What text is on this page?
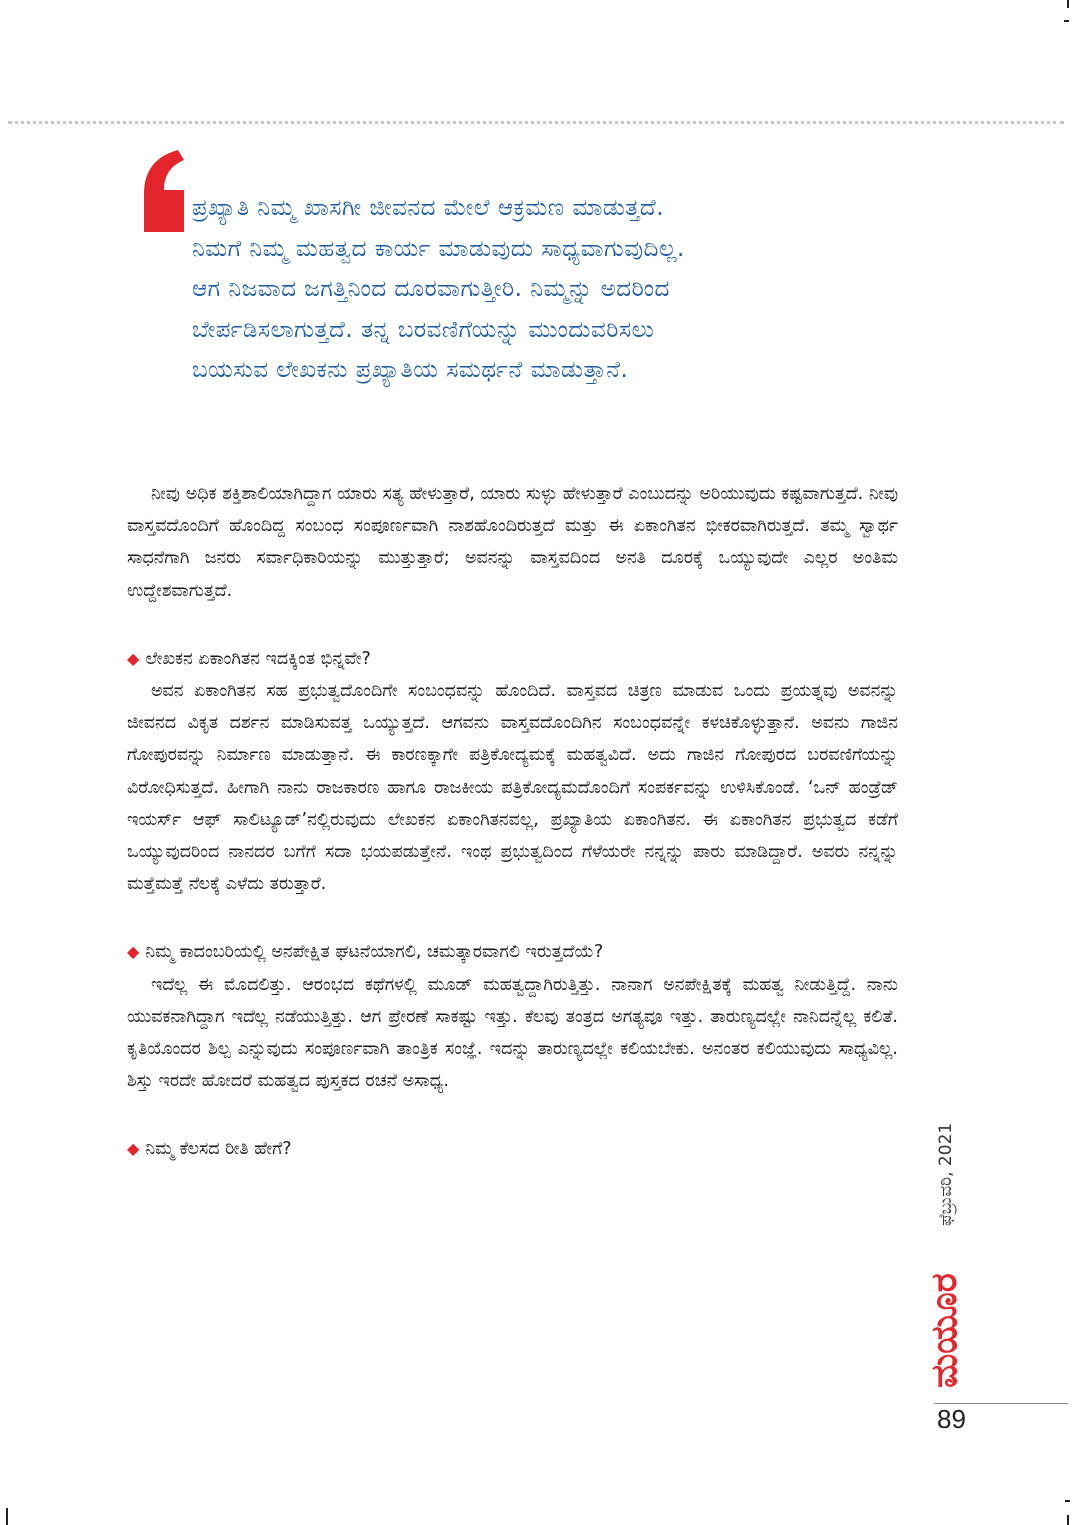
ಪ್ರಖ್ಯಾತಿ ನಿಮ್ಮ ಖಾಸಗೀ ಜೀವನದ ಮೇಲೆ ಆಕ್ರಮಣ ಮಾಡುತ್ತದೆ.
ನಿಮಗೆ ನಿಮ್ಮ ಮಹತ್ವದ ಕಾರ್ಯ ಮಾಡುವುದು ಸಾಧ್ಯವಾಗುವುದಿಲ್ಲ.
ಆಗ ನಿಜವಾದ ಜಗತ್ತಿನಿಂದ ದೂರವಾಗುತ್ತೀರಿ. ನಿಮ್ಮನ್ನು ಅದರಿಂದ
ಬೇರ್ಪಡಿಸಲಾಗುತ್ತದೆ. ತನ್ನ ಬರವಣಿಗೆಯನ್ನು ಮುಂದುವರಿಸಲು
ಬಯಸುವ ಲೇಖಕನು ಪ್ರಖ್ಯಾತಿಯ ಸಮರ್ಥನೆ ಮಾಡುತ್ತಾನೆ.

ನೀವು ಅಧಿಕ ಶಕ್ತಿಶಾಲಿಯಾಗಿದ್ದಾಗ ಯಾರು ಸತ್ಯ ಹೇಳುತ್ತಾರೆ, ಯಾರು ಸುಳ್ಳು ಹೇಳುತ್ತಾರೆ ಎಂಬುದನ್ನು ಅರಿಯುವುದು ಕಷ್ಟವಾಗುತ್ತದೆ. ನೀವು ವಾಸ್ತವದೊಂದಿಗೆ ಹೊಂದಿದ್ದ ಸಂಬಂಧ ಸಂಪೂರ್ಣವಾಗಿ ನಾಶಹೊಂದಿರುತ್ತದೆ ಮತ್ತು ಈ ಏಕಾಂಗಿತನ ಭೀಕರವಾಗಿರುತ್ತದೆ. ತಮ್ಮ ಸ್ವಾರ್ಥ ಸಾಧನೆಗಾಗಿ ಜನರು ಸರ್ವಾಧಿಕಾರಿಯನ್ನು ಮುತ್ತುತ್ತಾರೆ; ಅವನನ್ನು ವಾಸ್ತವದಿಂದ ಅನತಿ ದೂರಕ್ಕೆ ಒಯ್ಯುವುದೇ ಎಲ್ಲರ ಅಂತಿಮ ಉದ್ದೇಶವಾಗುತ್ತದೆ.

◆ ಲೇಖಕನ ಏಕಾಂಗಿತನ ಇದಕ್ಕಿಂತ ಭಿನ್ನವೇ?

ಅವನ ಏಕಾಂಗಿತನ ಸಹ ಪ್ರಭುತ್ವದೊಂದಿಗೇ ಸಂಬಂಧವನ್ನು ಹೊಂದಿದೆ. ವಾಸ್ತವದ ಚಿತ್ರಣ ಮಾಡುವ ಒಂದು ಪ್ರಯತ್ನವು ಅವನನ್ನು ಜೀವನದ ವಿಕೃತ ದರ್ಶನ ಮಾಡಿಸುವತ್ತ ಒಯ್ಯುತ್ತದೆ. ಆಗವನು ವಾಸ್ತವದೊಂದಿಗಿನ ಸಂಬಂಧವನ್ನೇ ಕಳಚಿಕೊಳ್ಳುತ್ತಾನೆ. ಅವನು ಗಾಜಿನ ಗೋಪುರವನ್ನು ನಿರ್ಮಾಣ ಮಾಡುತ್ತಾನೆ. ಈ ಕಾರಣಕ್ಕಾಗೇ ಪತ್ರಿಕೋದ್ಯಮಕ್ಕೆ ಮಹತ್ವವಿದೆ. ಅದು ಗಾಜಿನ ಗೋಪುರದ ಬರವಣಿಗೆಯನ್ನು ವಿರೋಧಿಸುತ್ತದೆ. ಹೀಗಾಗಿ ನಾನು ರಾಜಕಾರಣ ಹಾಗೂ ರಾಜಕೀಯ ಪತ್ರಿಕೋದ್ಯಮದೊಂದಿಗೆ ಸಂಪರ್ಕವನ್ನು ಉಳಿಸಿಕೊಂಡೆ. ‘ಒನ್ ಹಂಡ್ರೆಡ್ ಇಯರ್ಸ್ ಆಫ್ ಸಾಲಿಟ್ಯೂಡ್’ನಲ್ಲಿರುವುದು ಲೇಖಕನ ಏಕಾಂಗಿತನವಲ್ಲ, ಪ್ರಖ್ಯಾತಿಯ ಏಕಾಂಗಿತನ. ಈ ಏಕಾಂಗಿತನ ಪ್ರಭುತ್ವದ ಕಡೆಗೆ ಒಯ್ಯುವುದರಿಂದ ನಾನದರ ಬಗೆಗೆ ಸದಾ ಭಯಪಡುತ್ತೇನೆ. ಇಂಥ ಪ್ರಭುತ್ವದಿಂದ ಗೆಳೆಯರೇ ನನ್ನನ್ನು ಪಾರು ಮಾಡಿದ್ದಾರೆ. ಅವರು ನನ್ನನ್ನು ಮತ್ತೆಮತ್ತೆ ನೆಲಕ್ಕೆ ಎಳೆದು ತರುತ್ತಾರೆ.

◆ ನಿಮ್ಮ ಕಾದಂಬರಿಯಲ್ಲಿ ಅನಪೇಕ್ಷಿತ ಘಟನೆಯಾಗಲಿ, ಚಮತ್ಕಾರವಾಗಲಿ ಇರುತ್ತದೆಯೆ?

ಇದೆಲ್ಲ ಈ ಮೊದಲಿತ್ತು. ಆರಂಭದ ಕಥೆಗಳಲ್ಲಿ ಮೂಡ್ ಮಹತ್ವದ್ದಾಗಿರುತ್ತಿತ್ತು. ನಾನಾಗ ಅನಪೇಕ್ಷಿತಕ್ಕೆ ಮಹತ್ವ ನೀಡುತ್ತಿದ್ದೆ. ನಾನು ಯುವಕನಾಗಿದ್ದಾಗ ಇದೆಲ್ಲ ನಡೆಯುತ್ತಿತ್ತು. ಆಗ ಪ್ರೇರಣೆ ಸಾಕಷ್ಟು ಇತ್ತು. ಕೆಲವು ತಂತ್ರದ ಅಗತ್ಯವೂ ಇತ್ತು. ತಾರುಣ್ಯದಲ್ಲೇ ನಾನಿದನ್ನೆಲ್ಲ ಕಲಿತೆ. ಕೃತಿಯೊಂದರ ಶಿಲ್ಪ ಎನ್ನುವುದು ಸಂಪೂರ್ಣವಾಗಿ ತಾಂತ್ರಿಕ ಸಂಜ್ಞೆ. ಇದನ್ನು ತಾರುಣ್ಯದಲ್ಲೇ ಕಲಿಯಬೇಕು. ಅನಂತರ ಕಲಿಯುವುದು ಸಾಧ್ಯವಿಲ್ಲ. ಶಿಸ್ತು ಇರದೇ ಹೋದರೆ ಮಹತ್ವದ ಪುಸ್ತಕದ ರಚನೆ ಅಸಾಧ್ಯ.

◆ ನಿಮ್ಮ ಕೆಲಸದ ರೀತಿ ಹೇಗೆ?	ಫೆಬ್ರುವರಿ, 2021
ಮಯೂರ
89
